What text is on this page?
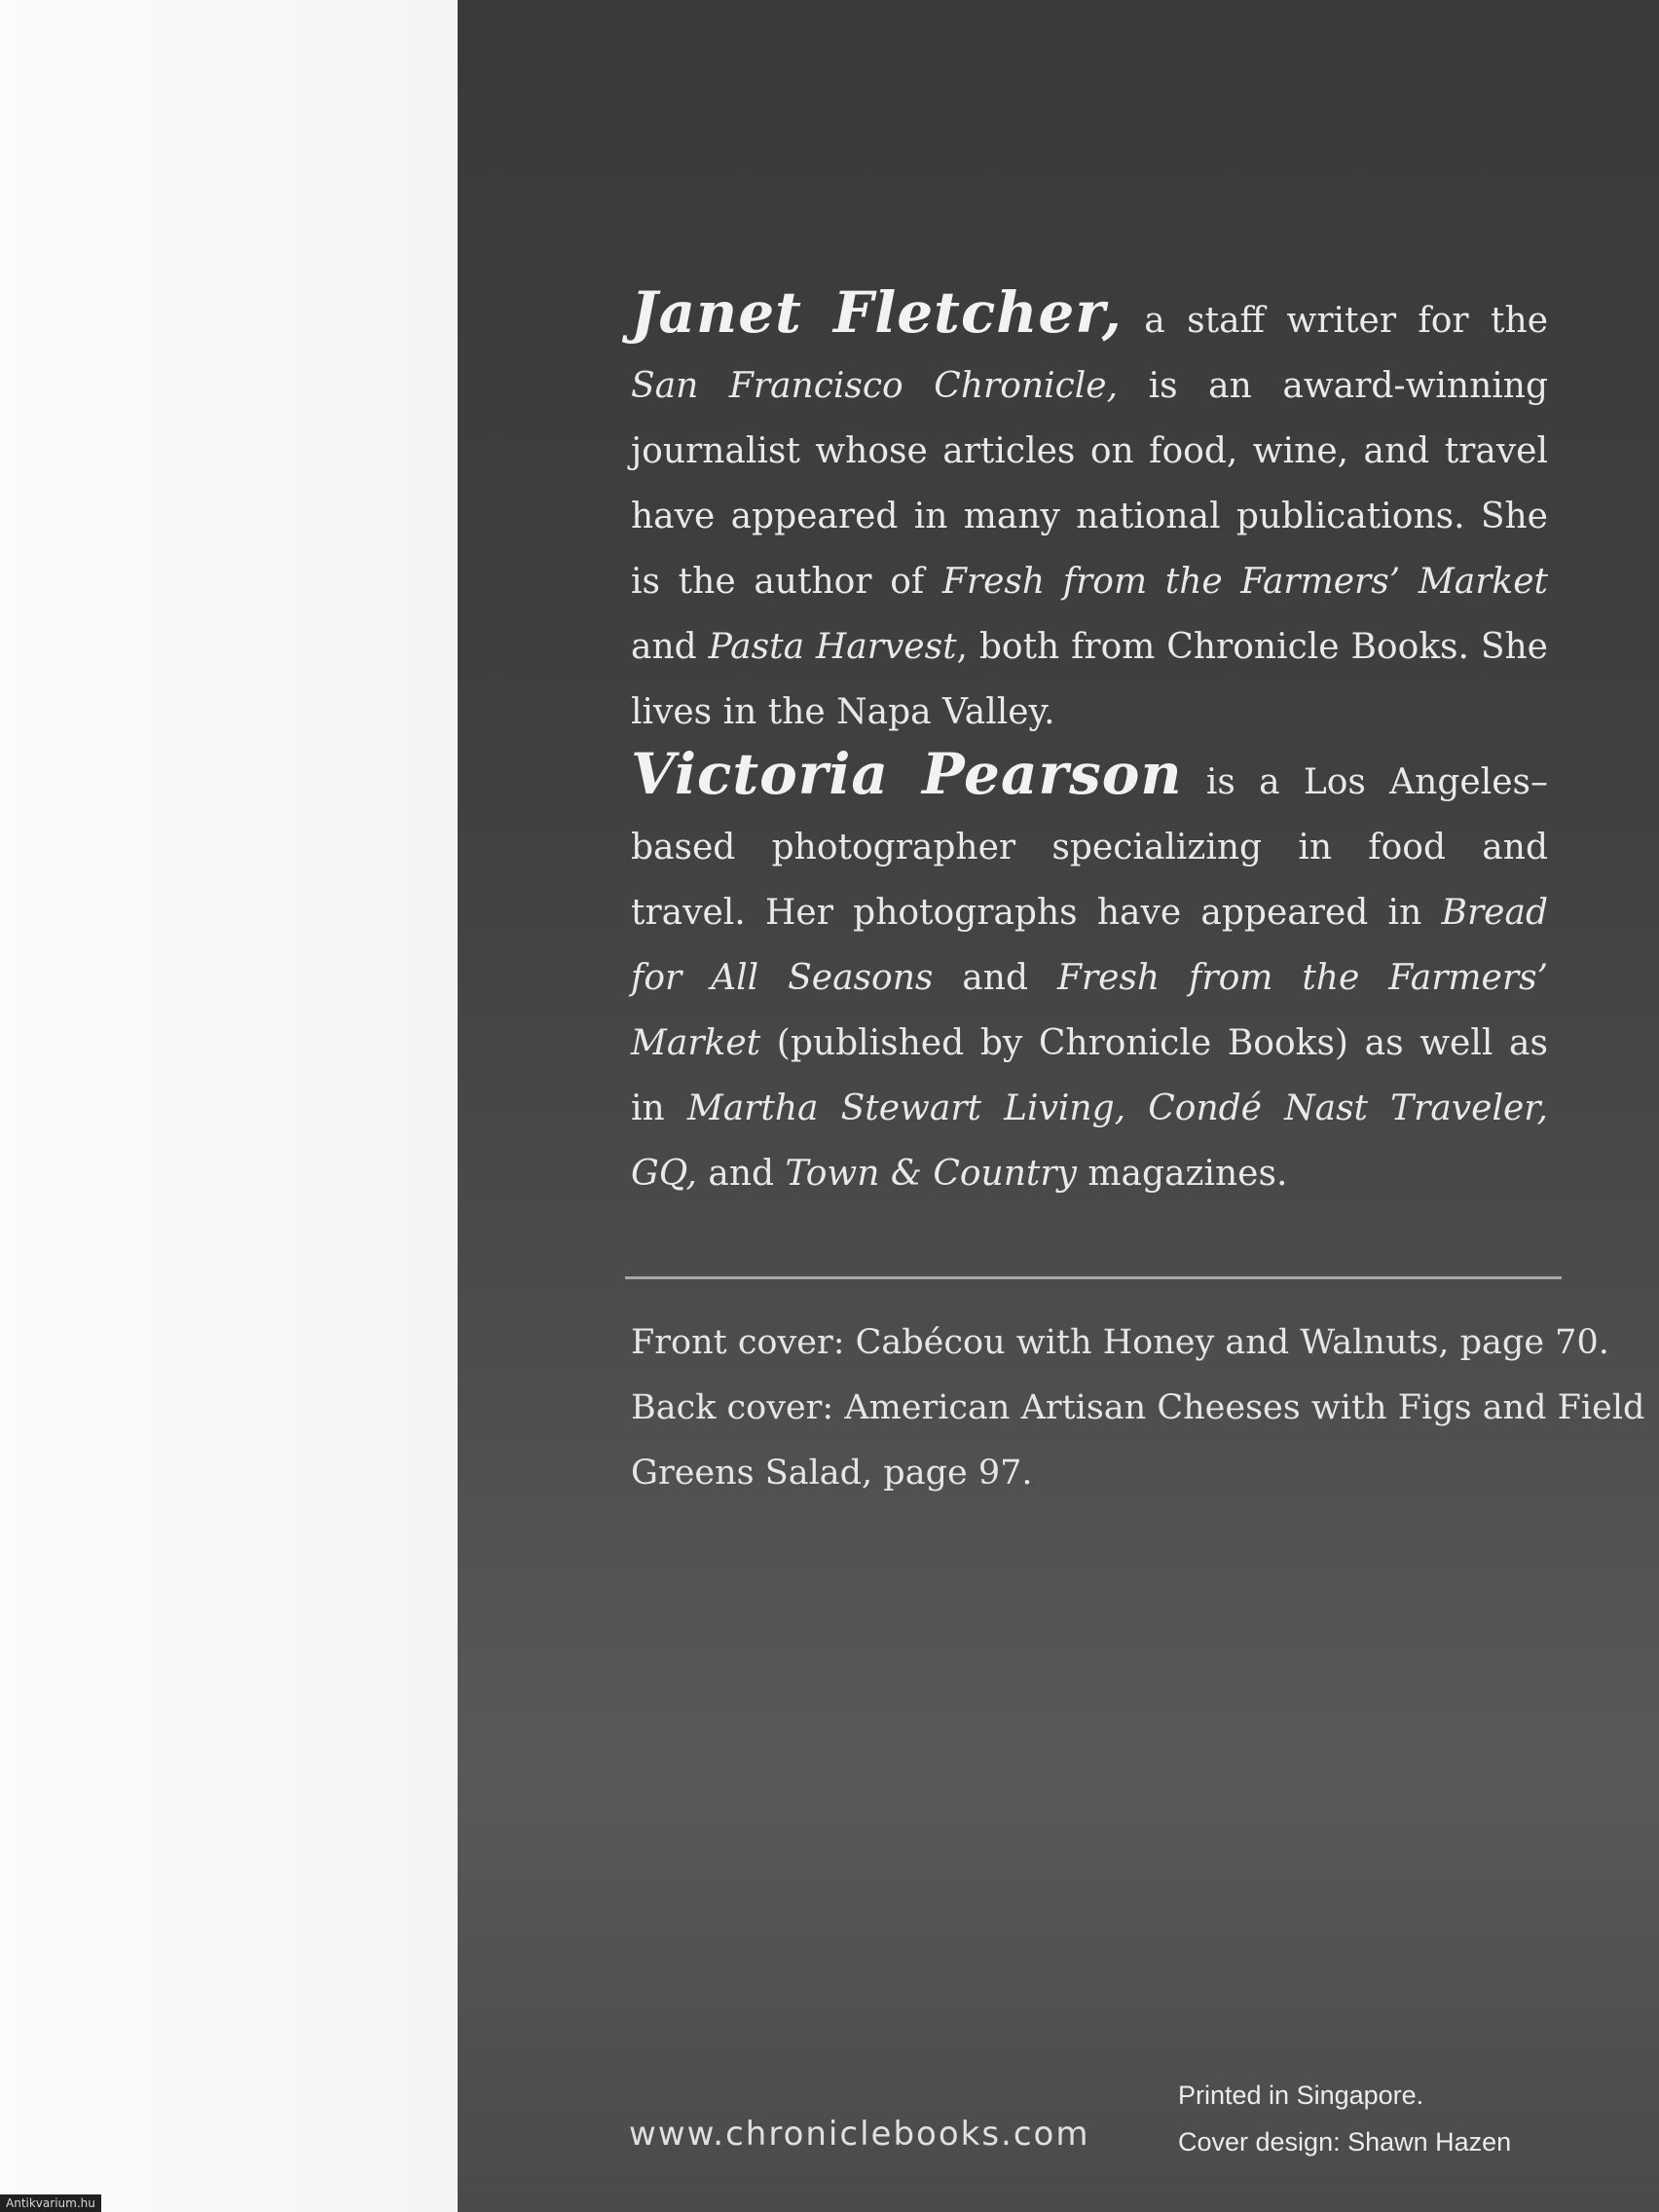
Janet Fletcher, a staff writer for the San Francisco Chronicle, is an award-winning journalist whose articles on food, wine, and travel have appeared in many national publications. She is the author of Fresh from the Farmers’ Market and Pasta Harvest, both from Chronicle Books. She lives in the Napa Valley.
Victoria Pearson is a Los Angeles–based photographer specializing in food and travel. Her photographs have appeared in Bread for All Seasons and Fresh from the Farmers’ Market (published by Chronicle Books) as well as in Martha Stewart Living, Condé Nast Traveler, GQ, and Town & Country magazines.
Front cover: Cabécou with Honey and Walnuts, page 70.
Back cover: American Artisan Cheeses with Figs and Field
Greens Salad, page 97.
www.chroniclebooks.com
Printed in Singapore.
Cover design: Shawn Hazen
Antikvarium.hu
